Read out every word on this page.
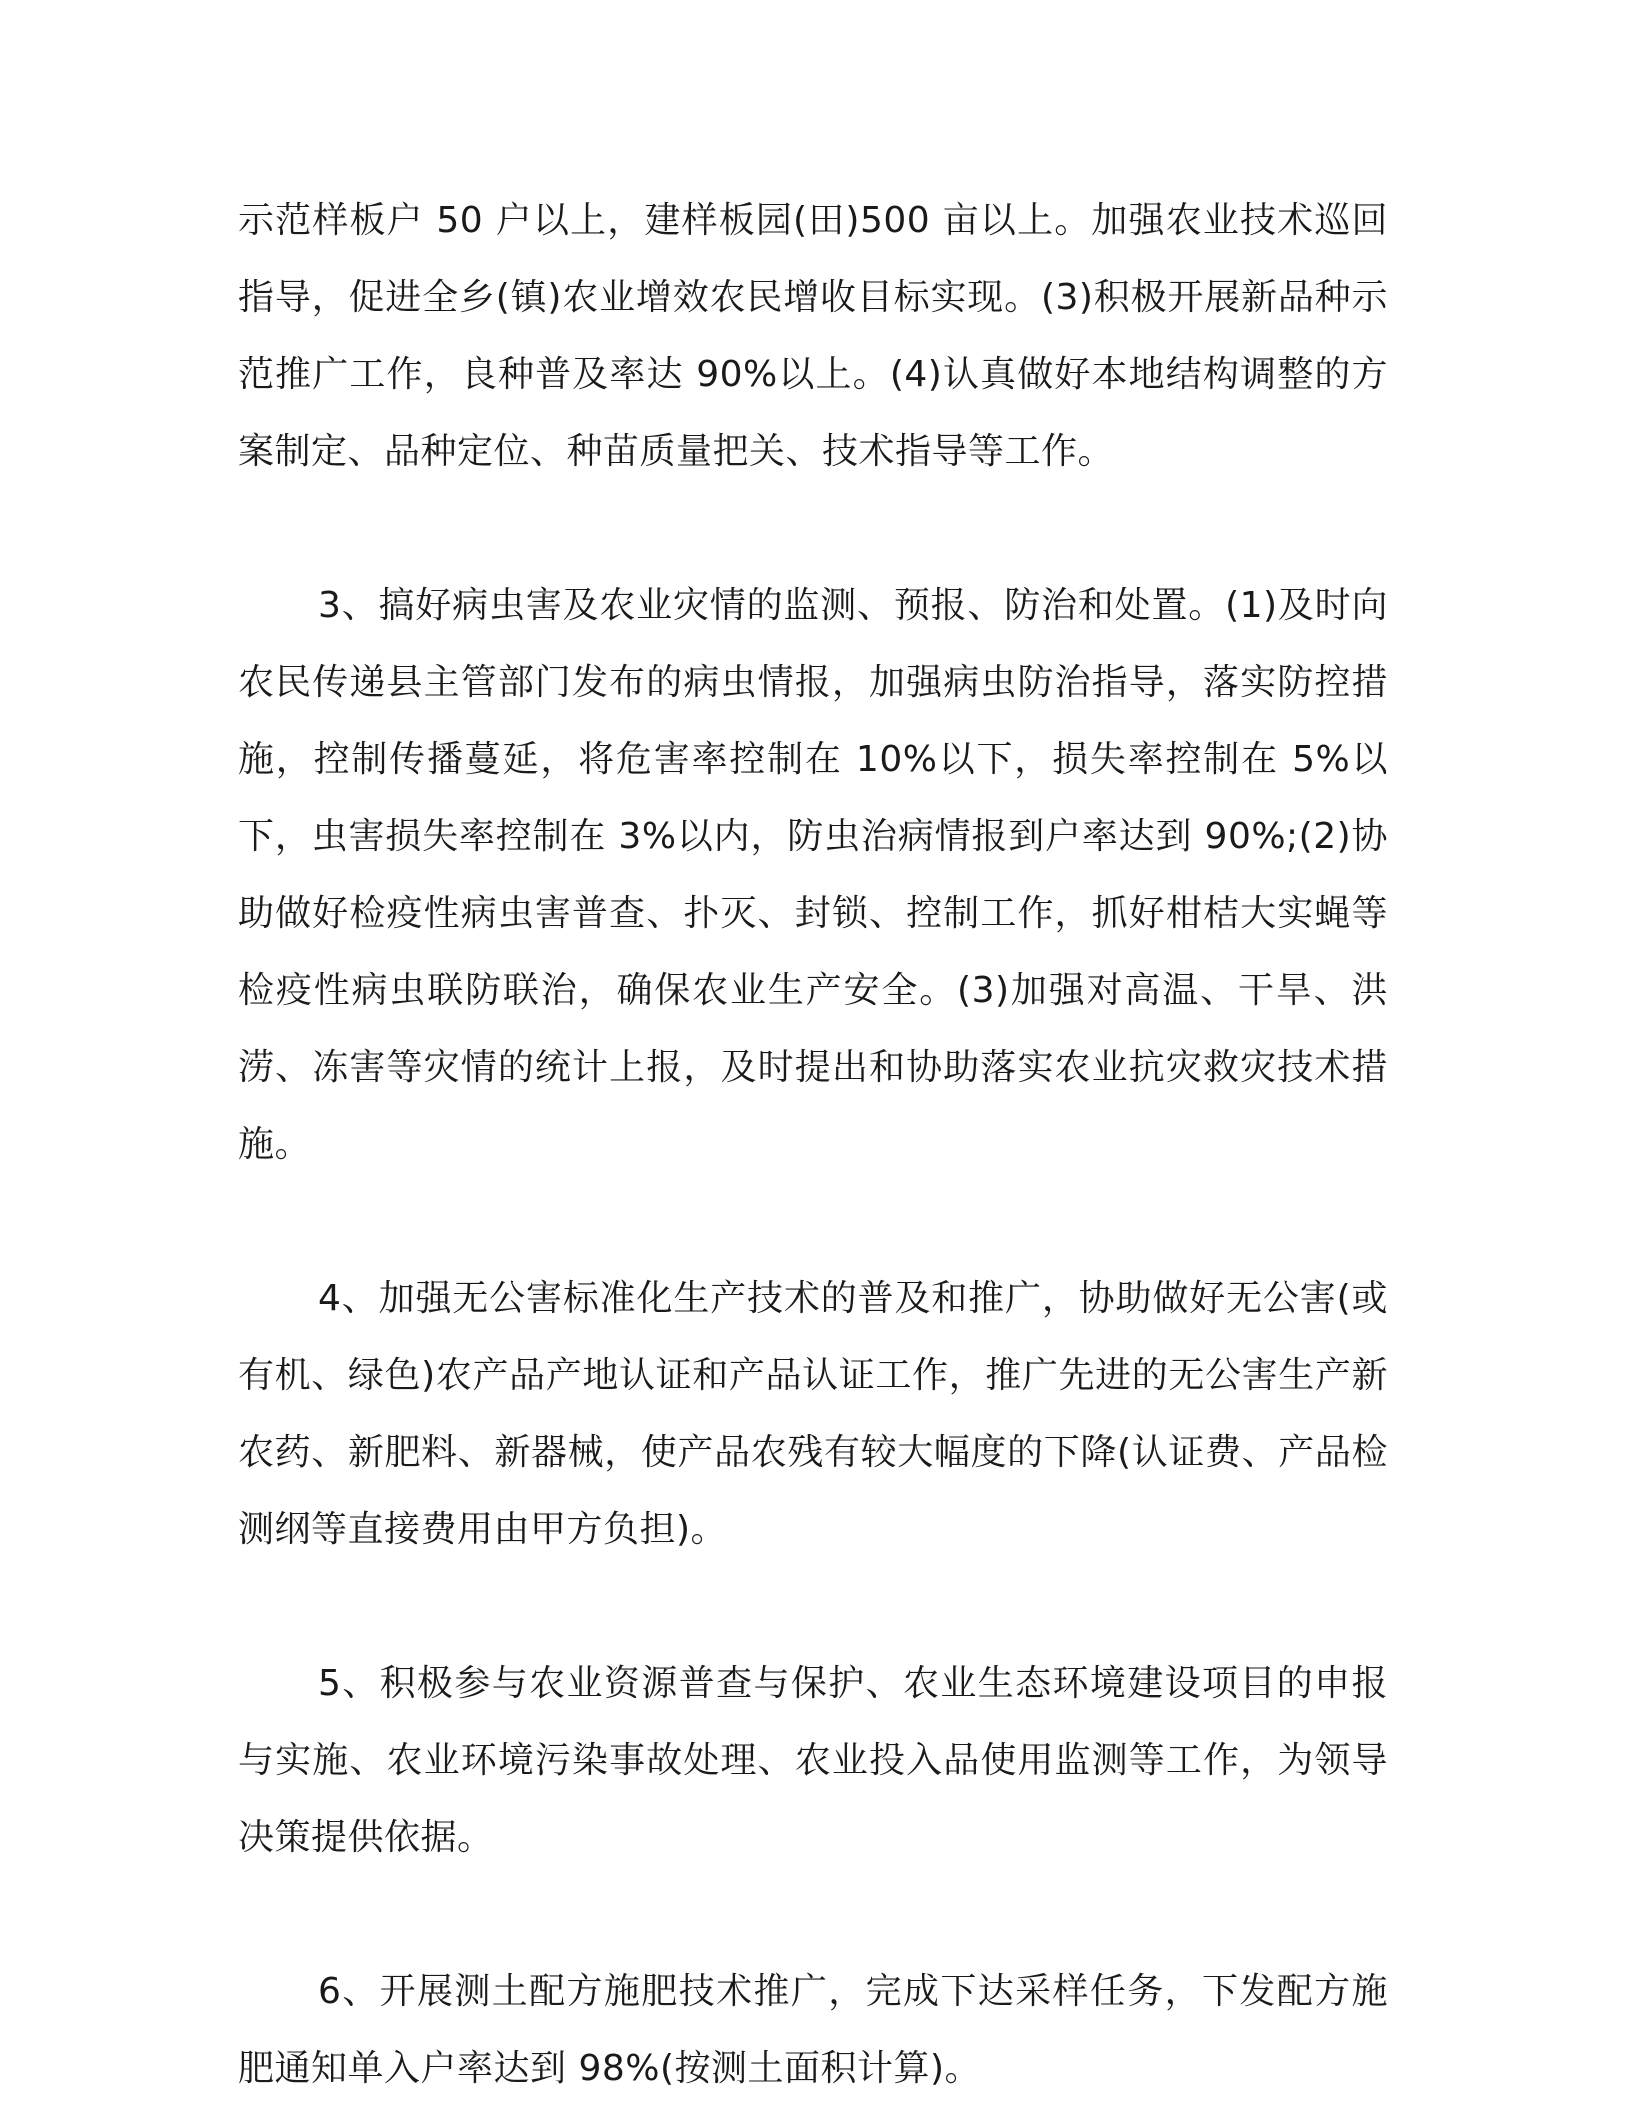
示范样板户 50 户以上，建样板园(田)500 亩以上。加强农业技术巡回指导，促进全乡(镇)农业增效农民增收目标实现。(3)积极开展新品种示范推广工作，良种普及率达 90%以上。(4)认真做好本地结构调整的方案制定、品种定位、种苗质量把关、技术指导等工作。

3、搞好病虫害及农业灾情的监测、预报、防治和处置。(1)及时向农民传递县主管部门发布的病虫情报，加强病虫防治指导，落实防控措施，控制传播蔓延，将危害率控制在 10%以下，损失率控制在 5%以下，虫害损失率控制在 3%以内，防虫治病情报到户率达到 90%;(2)协助做好检疫性病虫害普查、扑灭、封锁、控制工作，抓好柑桔大实蝇等检疫性病虫联防联治，确保农业生产安全。(3)加强对高温、干旱、洪涝、冻害等灾情的统计上报，及时提出和协助落实农业抗灾救灾技术措施。

4、加强无公害标准化生产技术的普及和推广，协助做好无公害(或有机、绿色)农产品产地认证和产品认证工作，推广先进的无公害生产新农药、新肥料、新器械，使产品农残有较大幅度的下降(认证费、产品检测纲等直接费用由甲方负担)。

5、积极参与农业资源普查与保护、农业生态环境建设项目的申报与实施、农业环境污染事故处理、农业投入品使用监测等工作，为领导决策提供依据。

6、开展测土配方施肥技术推广，完成下达采样任务，下发配方施肥通知单入户率达到 98%(按测土面积计算)。
